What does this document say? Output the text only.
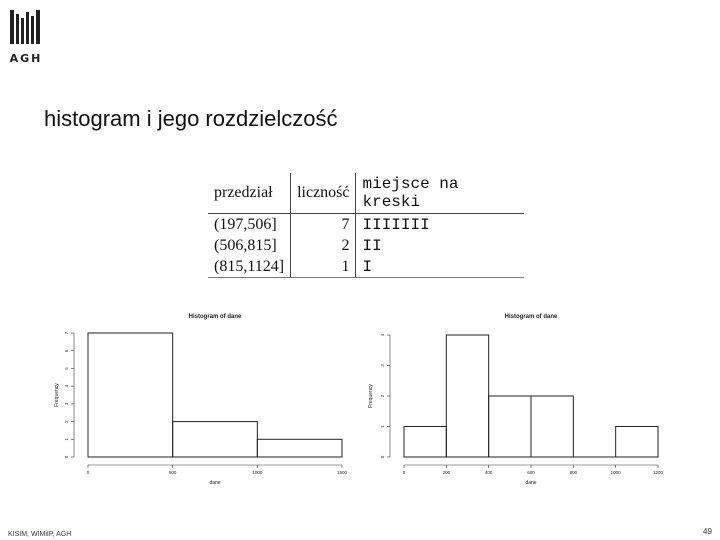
AGH
histogram i jego rozdzielczość
przedział	liczność	miejsce na kreski
(197,506]	7	IIIIIII
(506,815]	2	II
(815,1124]	1	I
Histogram of dane
0
1
2
3
4
5
6
7
0	500	1000	1500
dane
Frequency
Histogram of dane
0
1
2
3
4
0	200	400	600	800	1000	1200
dane
Frequency
KISIM, WIMiIP, AGH	49
